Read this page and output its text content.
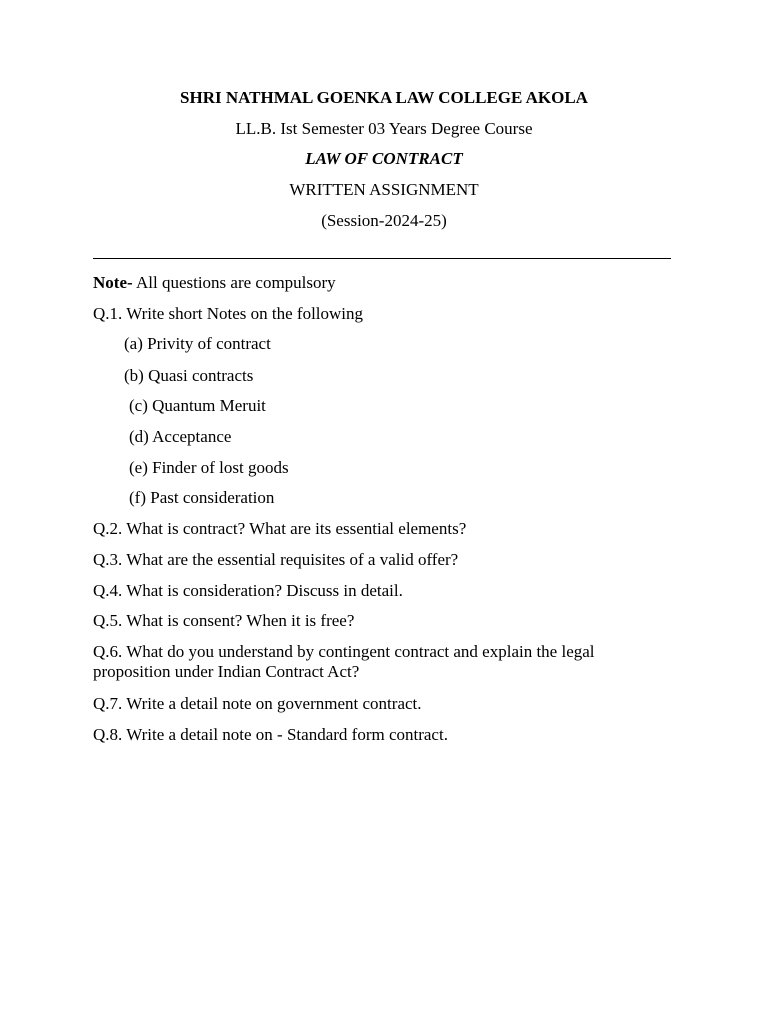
SHRI NATHMAL GOENKA LAW COLLEGE AKOLA
LL.B. Ist Semester 03 Years Degree Course
LAW OF CONTRACT
WRITTEN ASSIGNMENT
(Session-2024-25)
Note- All questions are compulsory
Q.1. Write short Notes on the following
(a) Privity of contract
(b) Quasi contracts
(c) Quantum Meruit
(d) Acceptance
(e) Finder of lost goods
(f) Past consideration
Q.2. What is contract? What are its essential elements?
Q.3. What are the essential requisites of a valid offer?
Q.4. What is consideration? Discuss in detail.
Q.5. What is consent? When it is free?
Q.6. What do you understand by contingent contract and explain the legal proposition under Indian Contract Act?
Q.7. Write a detail note on government contract.
Q.8. Write a detail note on - Standard form contract.
